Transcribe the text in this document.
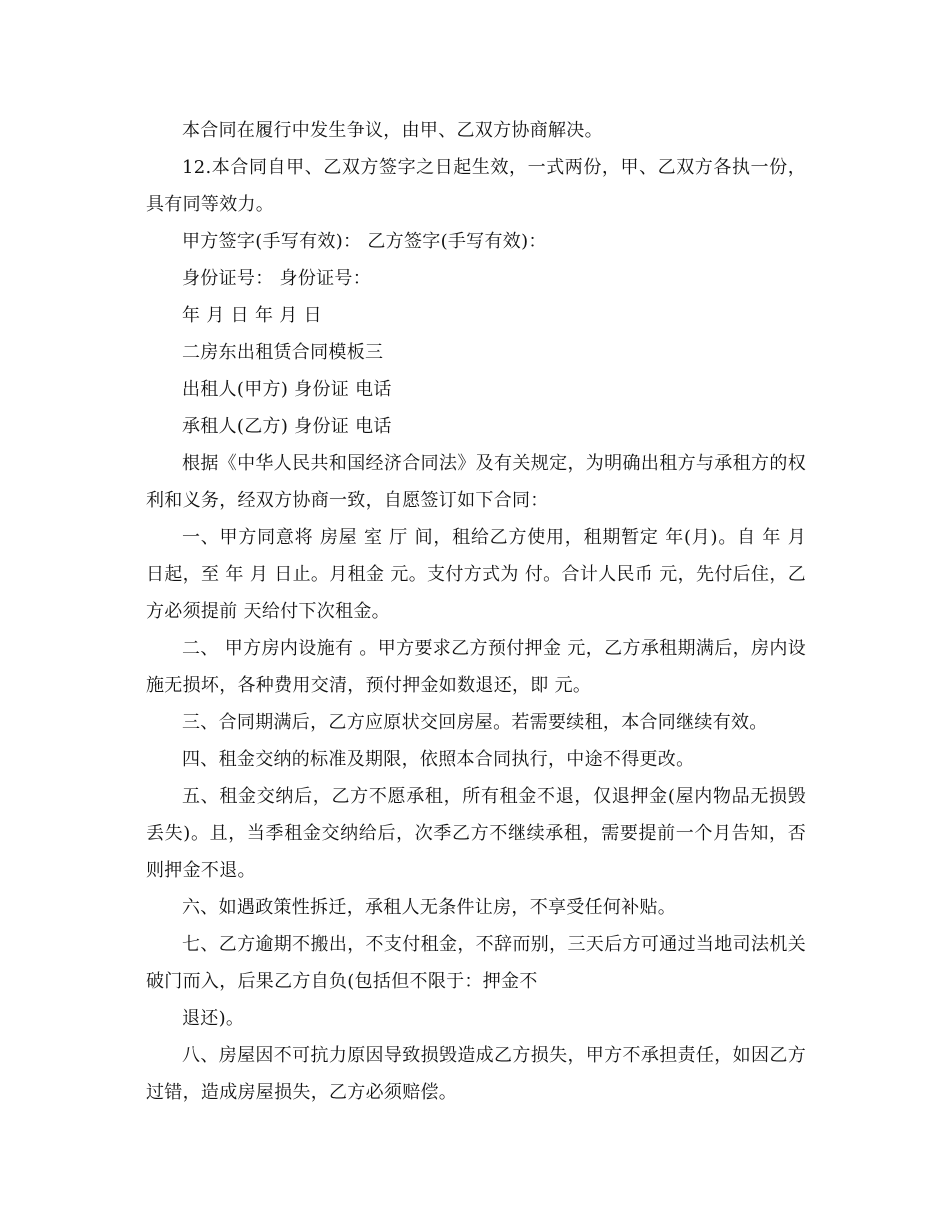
本合同在履行中发生争议，由甲、乙双方协商解决。

12.本合同自甲、乙双方签字之日起生效，一式两份，甲、乙双方各执一份，具有同等效力。

甲方签字(手写有效)： 乙方签字(手写有效)：

身份证号： 身份证号：

年 月 日 年 月 日

二房东出租赁合同模板三

出租人(甲方) 身份证 电话

承租人(乙方) 身份证 电话

根据《中华人民共和国经济合同法》及有关规定，为明确出租方与承租方的权利和义务，经双方协商一致，自愿签订如下合同：

一、甲方同意将 房屋 室 厅 间，租给乙方使用，租期暂定 年(月)。自 年 月 日起，至 年 月 日止。月租金 元。支付方式为 付。合计人民币 元，先付后住，乙方必须提前 天给付下次租金。

二、 甲方房内设施有 。甲方要求乙方预付押金 元，乙方承租期满后，房内设施无损坏，各种费用交清，预付押金如数退还，即 元。

三、合同期满后，乙方应原状交回房屋。若需要续租，本合同继续有效。

四、租金交纳的标准及期限，依照本合同执行，中途不得更改。

五、租金交纳后，乙方不愿承租，所有租金不退，仅退押金(屋内物品无损毁丢失)。且，当季租金交纳给后，次季乙方不继续承租，需要提前一个月告知，否则押金不退。

六、如遇政策性拆迁，承租人无条件让房，不享受任何补贴。

七、乙方逾期不搬出，不支付租金，不辞而别，三天后方可通过当地司法机关破门而入，后果乙方自负(包括但不限于：押金不

退还)。

八、房屋因不可抗力原因导致损毁造成乙方损失，甲方不承担责任，如因乙方过错，造成房屋损失，乙方必须赔偿。
